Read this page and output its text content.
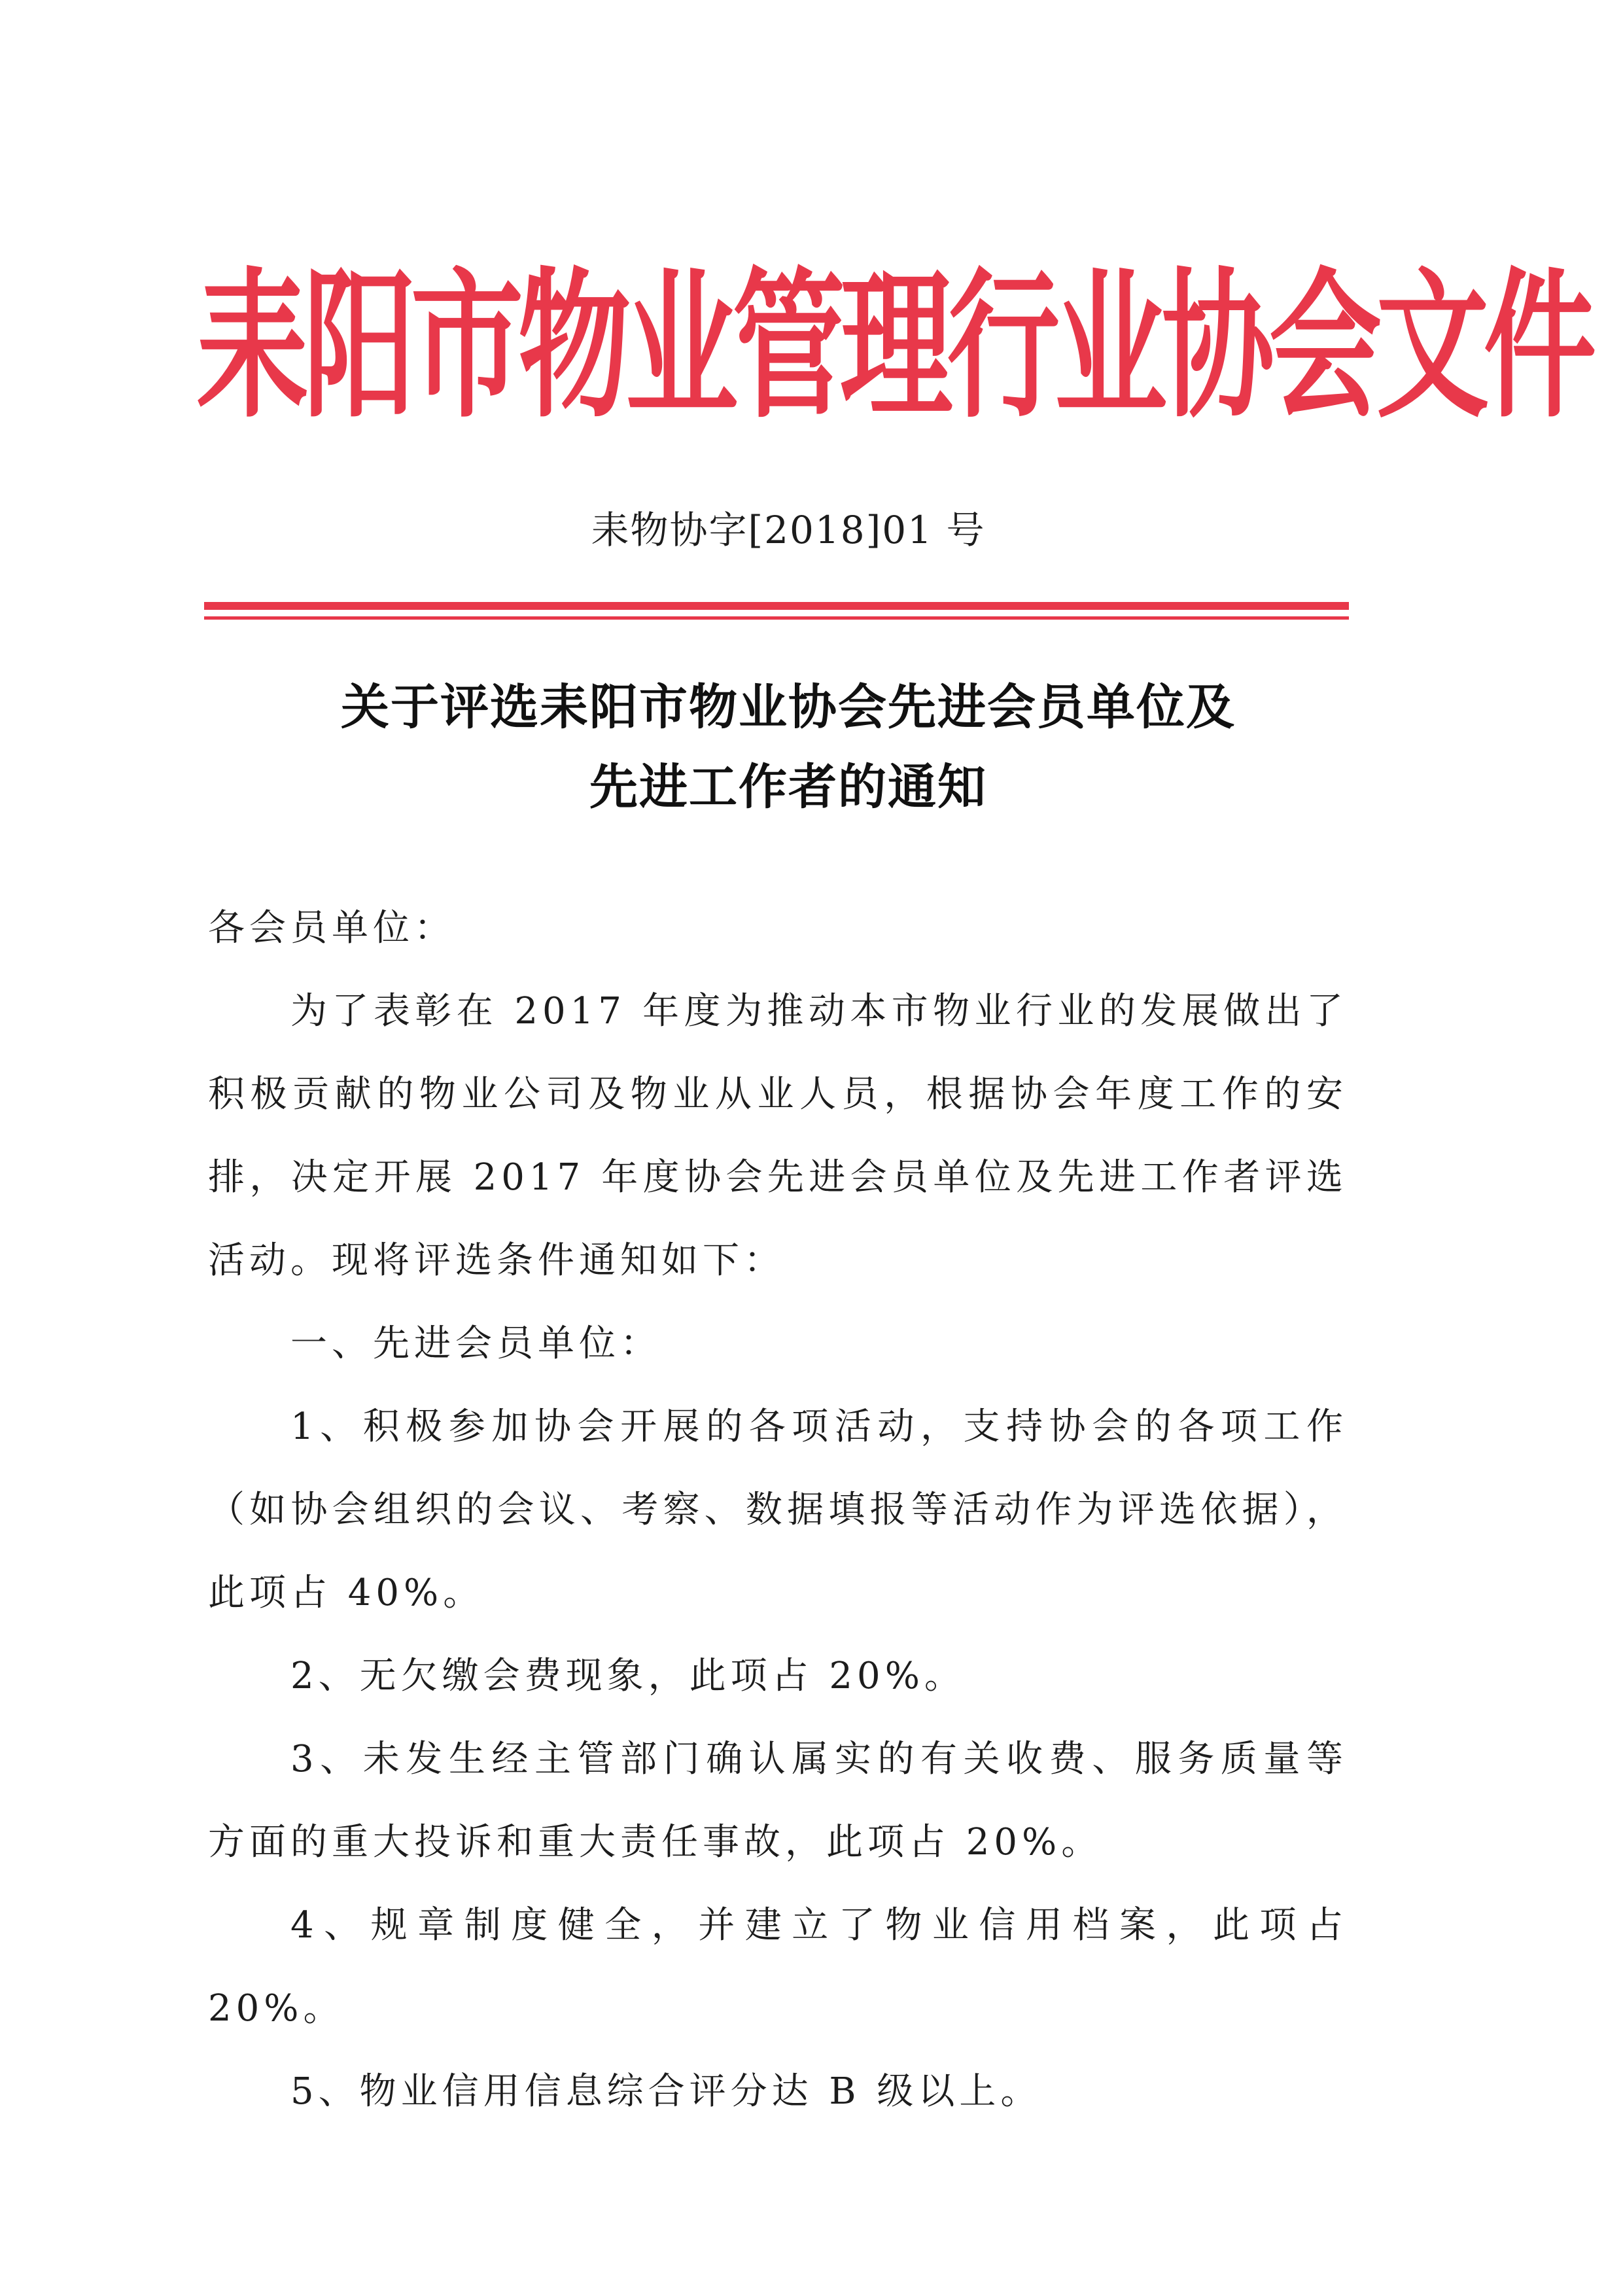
耒阳市物业管理行业协会文件
耒物协字[2018]01 号
关于评选耒阳市物业协会先进会员单位及
先进工作者的通知

各会员单位：

为了表彰在 2017 年度为推动本市物业行业的发展做出了积极贡献的物业公司及物业从业人员，根据协会年度工作的安排，决定开展 2017 年度协会先进会员单位及先进工作者评选活动。现将评选条件通知如下：

一、先进会员单位：

1、积极参加协会开展的各项活动，支持协会的各项工作（如协会组织的会议、考察、数据填报等活动作为评选依据），此项占 40%。

2、无欠缴会费现象，此项占 20%。

3、未发生经主管部门确认属实的有关收费、服务质量等方面的重大投诉和重大责任事故，此项占 20%。

4、规章制度健全，并建立了物业信用档案，此项占 20%。

5、物业信用信息综合评分达 B 级以上。
